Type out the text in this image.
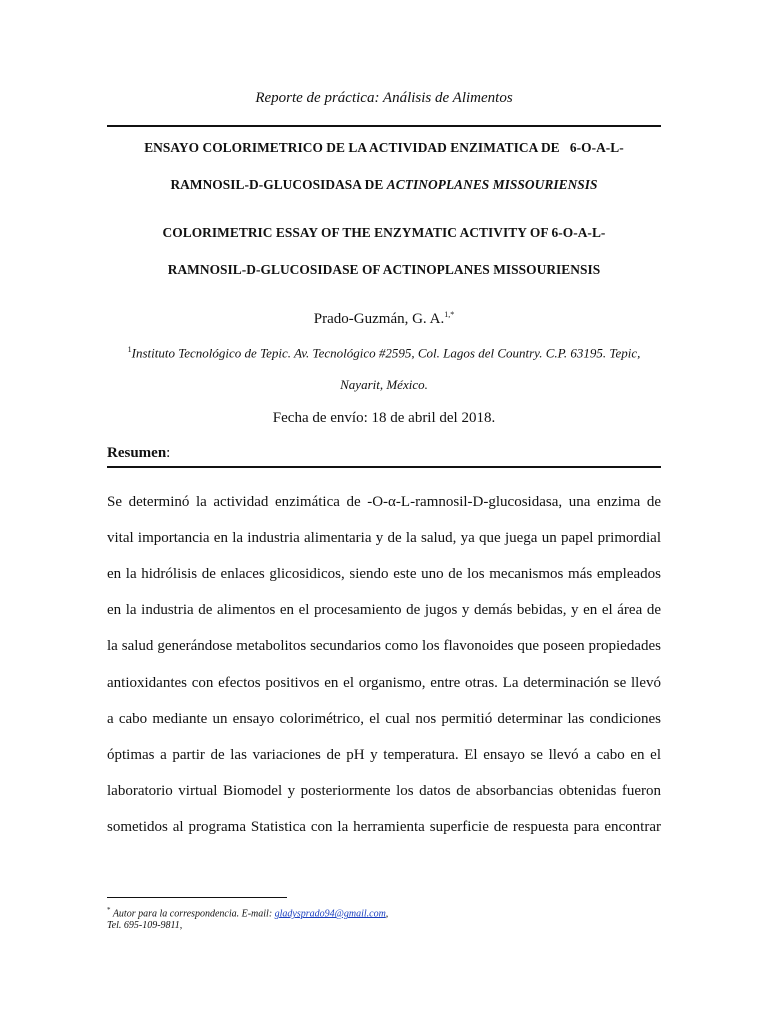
Reporte de práctica: Análisis de Alimentos
ENSAYO COLORIMETRICO DE LA ACTIVIDAD ENZIMATICA DE   6-O-A-L-
RAMNOSIL-D-GLUCOSIDASA DE ACTINOPLANES MISSOURIENSIS
COLORIMETRIC ESSAY OF THE ENZYMATIC ACTIVITY OF 6-O-A-L-
RAMNOSIL-D-GLUCOSIDASE OF ACTINOPLANES MISSOURIENSIS
Prado-Guzmán, G. A.$^{1,*}$
$^1$Instituto Tecnológico de Tepic. Av. Tecnológico #2595, Col. Lagos del Country. C.P. 63195. Tepic,
Nayarit, México.
Fecha de envío: 18 de abril del 2018.
Resumen:
Se determinó la actividad enzimática de -O-α-L-ramnosil-D-glucosidasa, una enzima de
vital importancia en la industria alimentaria y de la salud, ya que juega un papel primordial
en la hidrólisis de enlaces glicosidicos, siendo este uno de los mecanismos más empleados
en la industria de alimentos en el procesamiento de jugos y demás bebidas, y en el área de
la salud generándose metabolitos secundarios como los flavonoides que poseen propiedades
antioxidantes con efectos positivos en el organismo, entre otras. La determinación se llevó
a cabo mediante un ensayo colorimétrico, el cual nos permitió determinar las condiciones
óptimas a partir de las variaciones de pH y temperatura. El ensayo se llevó a cabo en el
laboratorio virtual Biomodel y posteriormente los datos de absorbancias obtenidas fueron
sometidos al programa Statistica con la herramienta superficie de respuesta para encontrar
* Autor para la correspondencia. E-mail: gladysprado94@gmail.com,
Tel. 695-109-9811,
